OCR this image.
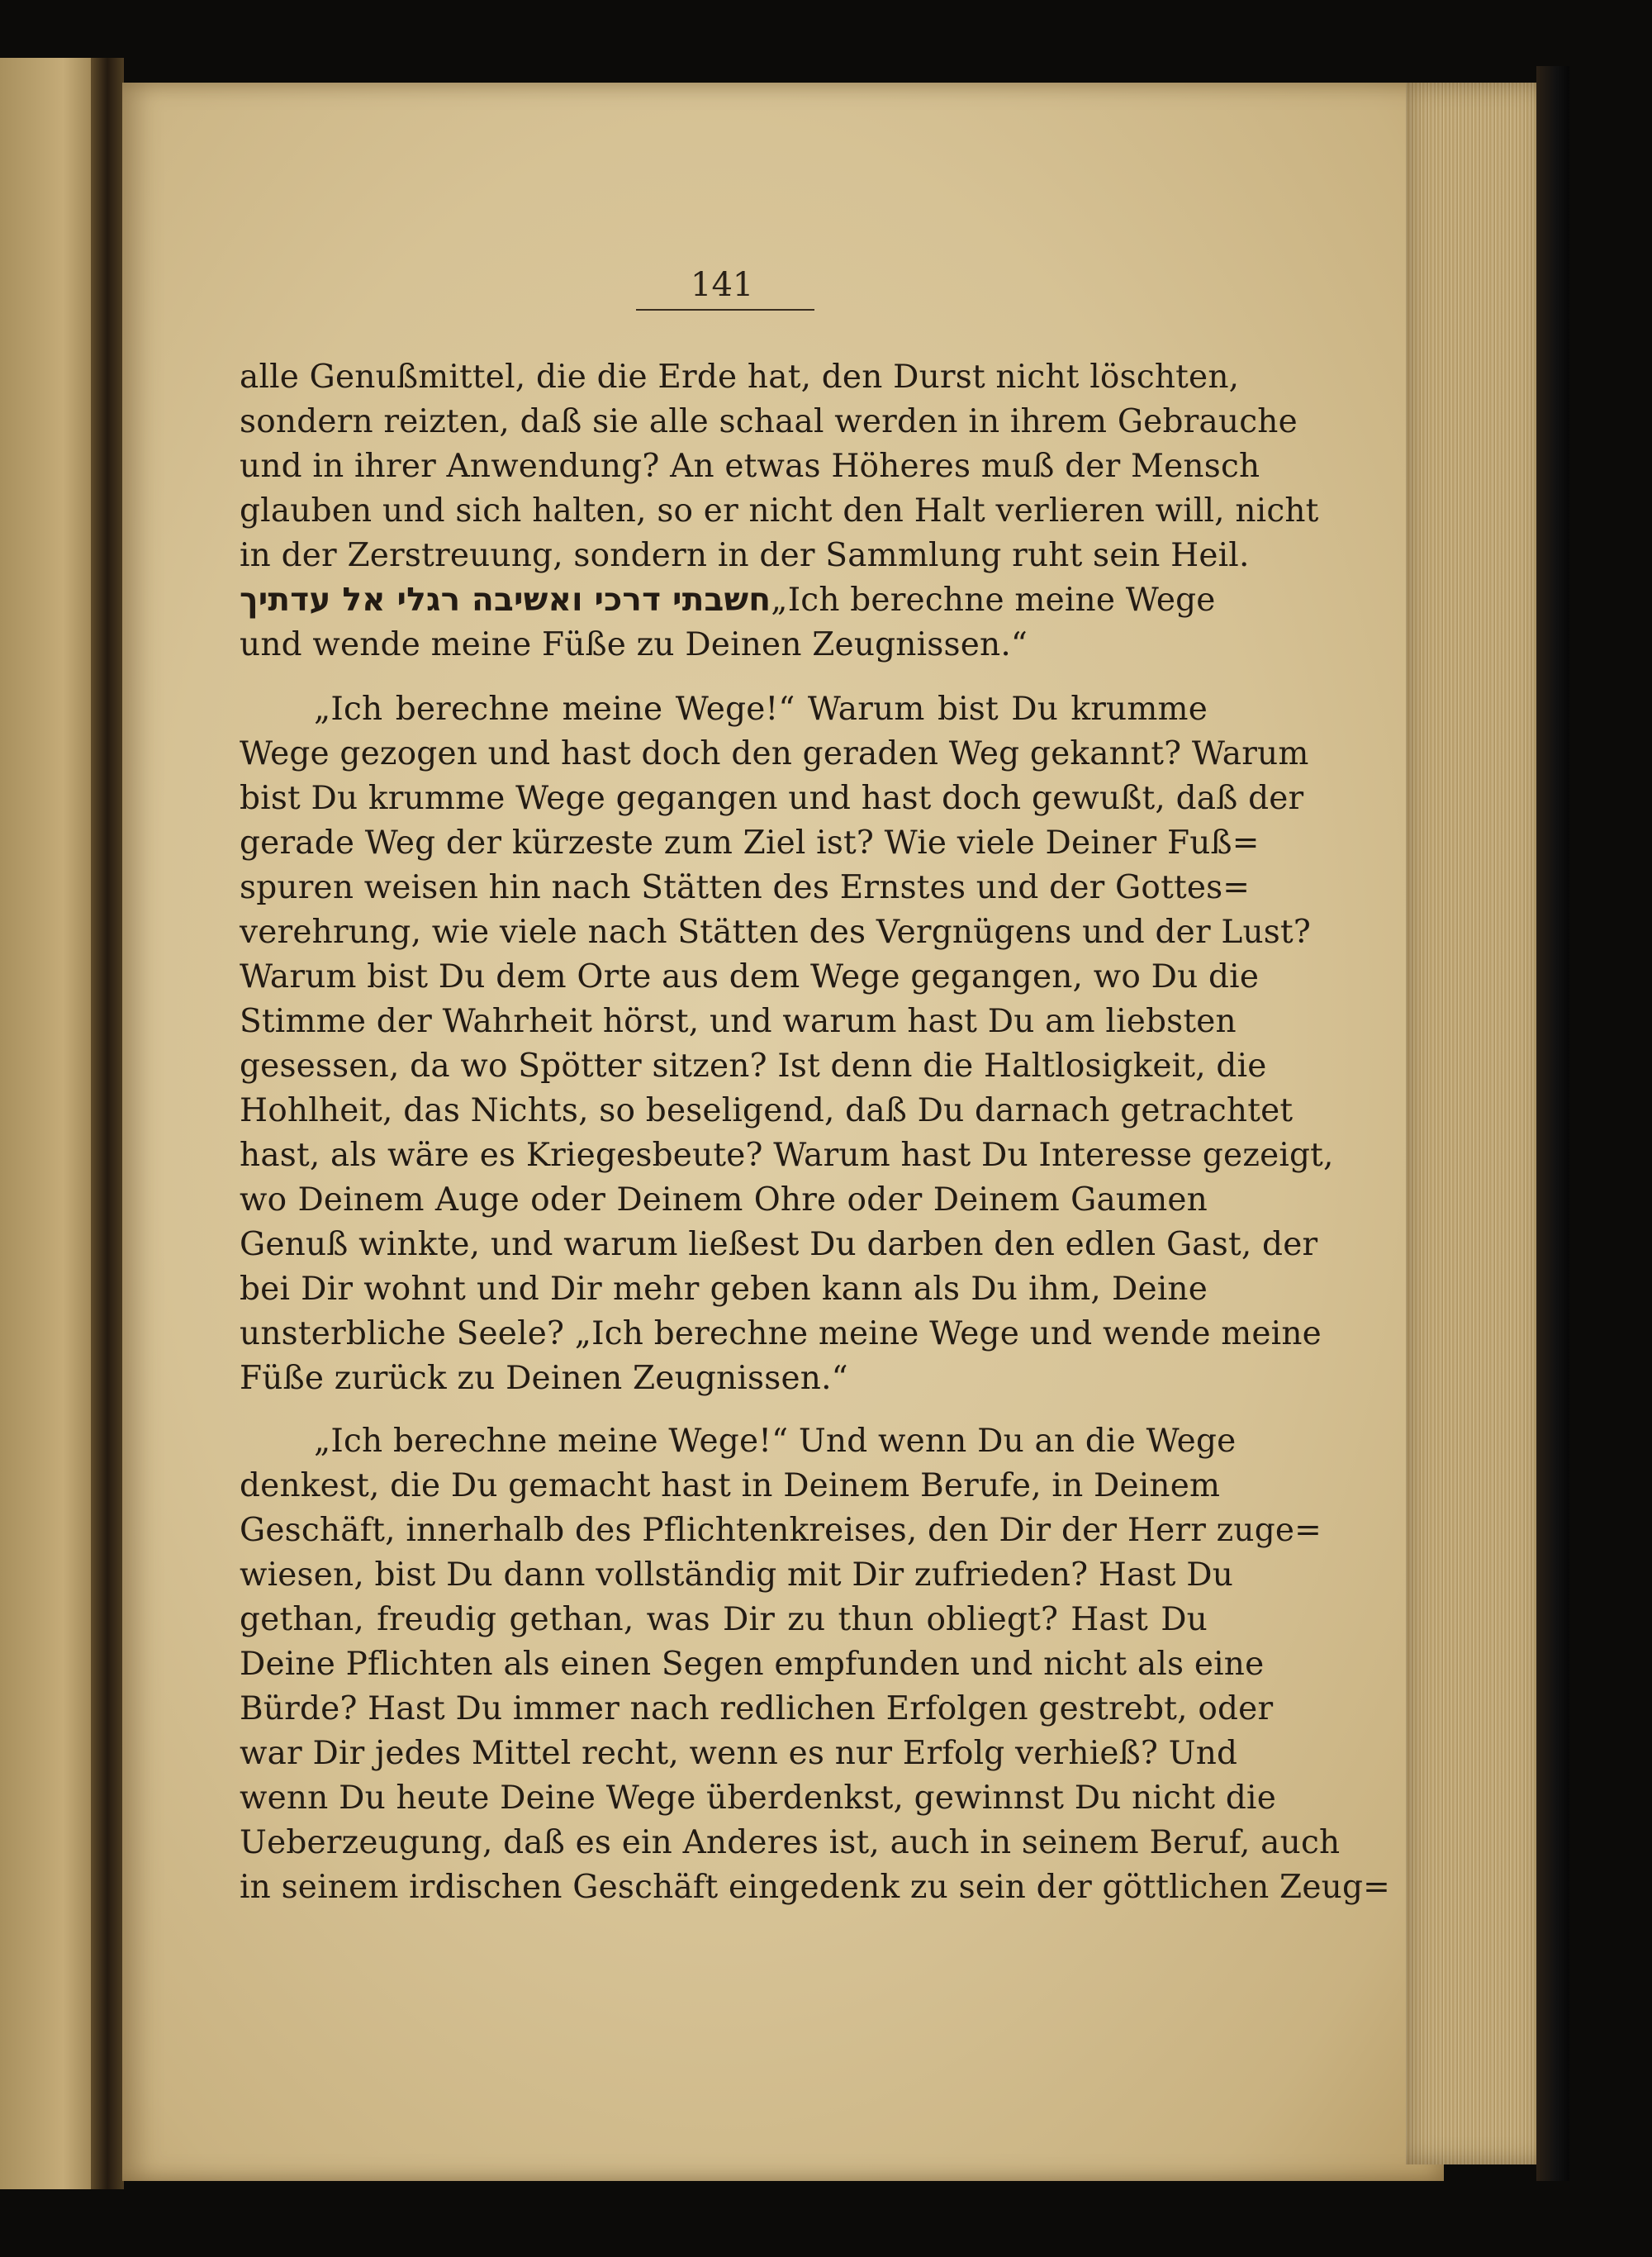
141
alle Genußmittel, die die Erde hat, den Durst nicht löschten,
sondern reizten, daß sie alle schaal werden in ihrem Gebrauche
und in ihrer Anwendung? An etwas Höheres muß der Mensch
glauben und sich halten, so er nicht den Halt verlieren will, nicht
in der Zerstreuung, sondern in der Sammlung ruht sein Heil.
חשבתי דרכי ואשיבה רגלי אל עדתיך „Ich berechne meine Wege
und wende meine Füße zu Deinen Zeugnissen.“
„Ich berechne meine Wege!“ Warum bist Du krumme
Wege gezogen und hast doch den geraden Weg gekannt? Warum
bist Du krumme Wege gegangen und hast doch gewußt, daß der
gerade Weg der kürzeste zum Ziel ist? Wie viele Deiner Fuß=
spuren weisen hin nach Stätten des Ernstes und der Gottes=
verehrung, wie viele nach Stätten des Vergnügens und der Lust?
Warum bist Du dem Orte aus dem Wege gegangen, wo Du die
Stimme der Wahrheit hörst, und warum hast Du am liebsten
gesessen, da wo Spötter sitzen? Ist denn die Haltlosigkeit, die
Hohlheit, das Nichts, so beseligend, daß Du darnach getrachtet
hast, als wäre es Kriegesbeute? Warum hast Du Interesse gezeigt,
wo Deinem Auge oder Deinem Ohre oder Deinem Gaumen
Genuß winkte, und warum ließest Du darben den edlen Gast, der
bei Dir wohnt und Dir mehr geben kann als Du ihm, Deine
unsterbliche Seele? „Ich berechne meine Wege und wende meine
Füße zurück zu Deinen Zeugnissen.“
„Ich berechne meine Wege!“ Und wenn Du an die Wege
denkest, die Du gemacht hast in Deinem Berufe, in Deinem
Geschäft, innerhalb des Pflichtenkreises, den Dir der Herr zuge=
wiesen, bist Du dann vollständig mit Dir zufrieden? Hast Du
gethan, freudig gethan, was Dir zu thun obliegt? Hast Du
Deine Pflichten als einen Segen empfunden und nicht als eine
Bürde? Hast Du immer nach redlichen Erfolgen gestrebt, oder
war Dir jedes Mittel recht, wenn es nur Erfolg verhieß? Und
wenn Du heute Deine Wege überdenkst, gewinnst Du nicht die
Ueberzeugung, daß es ein Anderes ist, auch in seinem Beruf, auch
in seinem irdischen Geschäft eingedenk zu sein der göttlichen Zeug=
